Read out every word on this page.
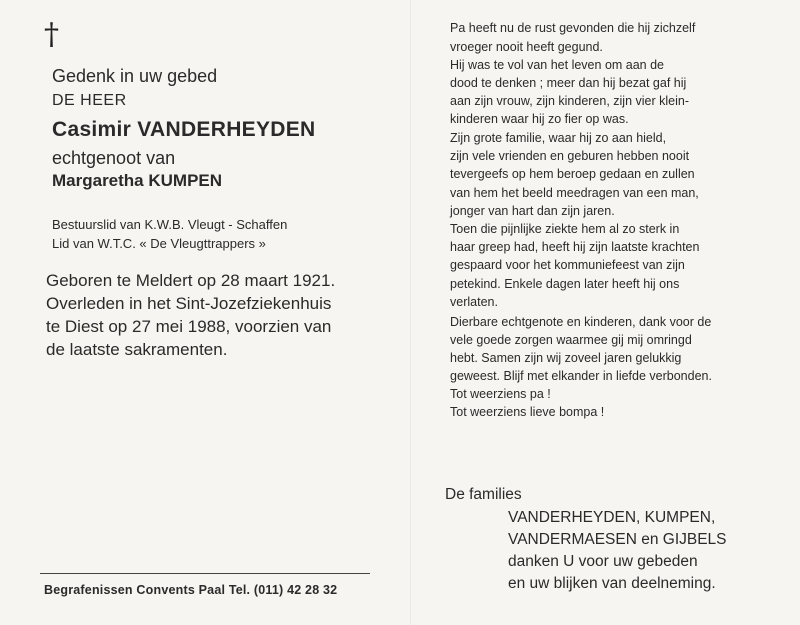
†
Gedenk in uw gebed
DE HEER
Casimir VANDERHEYDEN
echtgenoot van
Margaretha KUMPEN
Bestuurslid van K.W.B. Vleugt - Schaffen
Lid van W.T.C. « De Vleugttrappers »
Geboren te Meldert op 28 maart 1921.
Overleden in het Sint-Jozefziekenhuis
te Diest op 27 mei 1988, voorzien van
de laatste sakramenten.
Begrafenissen Convents Paal Tel. (011) 42 28 32
Pa heeft nu de rust gevonden die hij zichzelf
vroeger nooit heeft gegund.
Hij was te vol van het leven om aan de
dood te denken ; meer dan hij bezat gaf hij
aan zijn vrouw, zijn kinderen, zijn vier klein-
kinderen waar hij zo fier op was.
Zijn grote familie, waar hij zo aan hield,
zijn vele vrienden en geburen hebben nooit
tevergeefs op hem beroep gedaan en zullen
van hem het beeld meedragen van een man,
jonger van hart dan zijn jaren.
Toen die pijnlijke ziekte hem al zo sterk in
haar greep had, heeft hij zijn laatste krachten
gespaard voor het kommuniefeest van zijn
petekind. Enkele dagen later heeft hij ons
verlaten.
Dierbare echtgenote en kinderen, dank voor de
vele goede zorgen waarmee gij mij omringd
hebt. Samen zijn wij zoveel jaren gelukkig
geweest. Blijf met elkander in liefde verbonden.
Tot weerziens pa !
Tot weerziens lieve bompa !
De families
VANDERHEYDEN, KUMPEN,
VANDERMAESEN en GIJBELS
danken U voor uw gebeden
en uw blijken van deelneming.
